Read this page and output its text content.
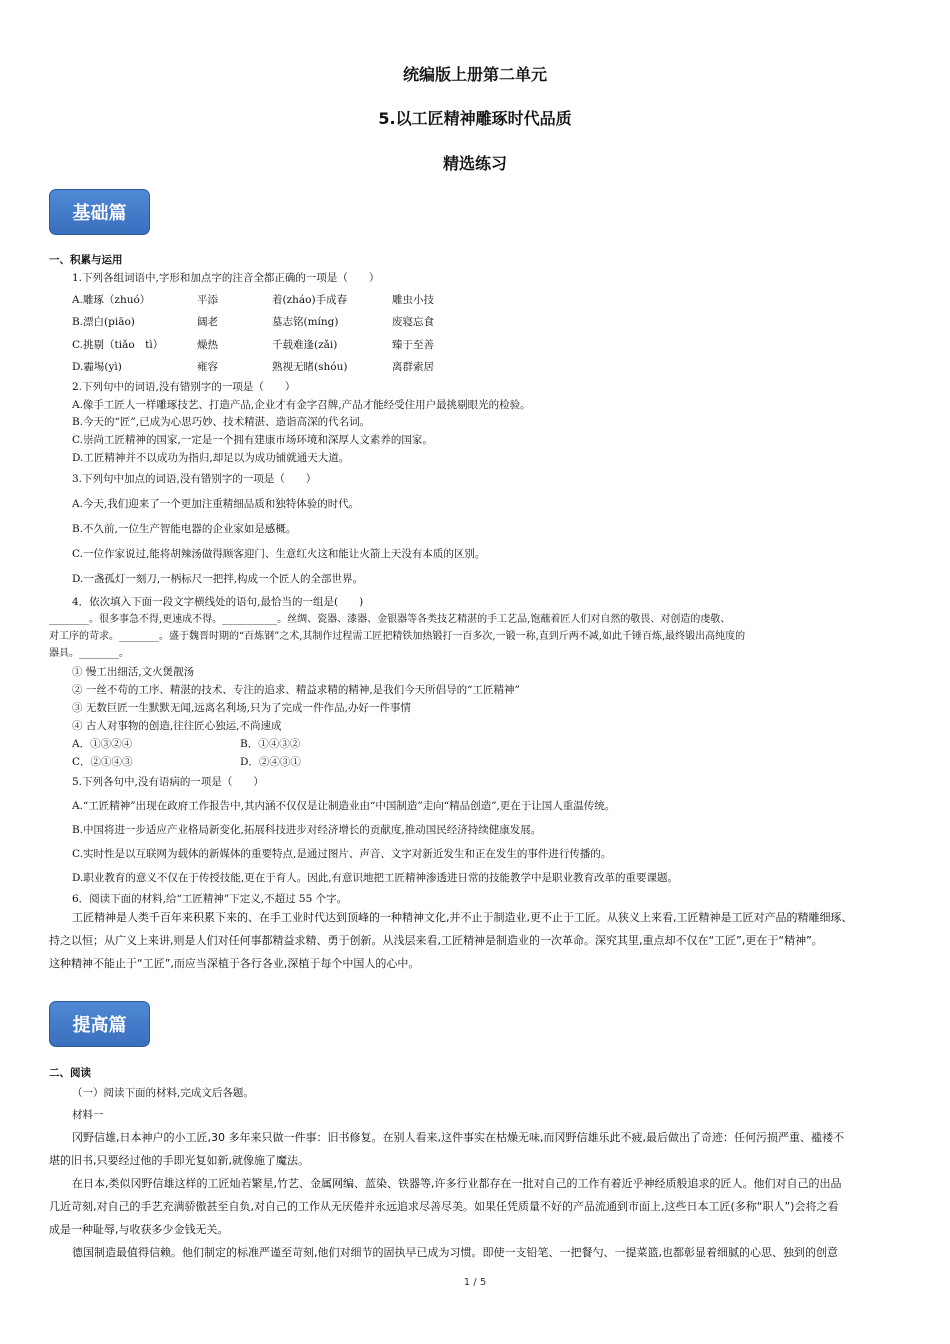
统编版上册第二单元
5.以工匠精神雕琢时代品质
精选练习
基础篇
一、积累与运用
1.下列各组词语中,字形和加点字的注音全都正确的一项是（　　）
A.雕琢（zhuó）	平添	着(zháo)手成春	雕虫小技
B.漂白(piāo)	阔老	墓志铭(míng)	废寝忘食
C.挑剔（tiǎo　tì）	燥热	千载难逢(zǎi)	臻于至善
D.霾埸(yì)	雍容	熟视无睹(shóu)	离群索居
2.下列句中的词语,没有错别字的一项是（　　）
A.像手工匠人一样雕琢技艺、打造产品,企业才有金字召牌,产品才能经受住用户最挑剔眼光的检验。
B.今天的“匠”,已成为心思巧妙、技术精湛、造诣高深的代名词。
C.崇尚工匠精神的国家,一定是一个拥有建康市场环境和深厚人文素养的国家。
D.工匠精神并不以成功为指归,却足以为成功铺就通天大道。
3.下列句中加点的词语,没有错别字的一项是（　　）
A.今天,我们迎来了一个更加注重精细品质和独特体验的时代。
B.不久前,一位生产智能电器的企业家如是感概。
C.一位作家说过,能将胡辣汤做得顾客迎门、生意红火这和能让火箭上天没有本质的区别。
D.一盏孤灯一刻刀,一柄标尺一把拌,构成一个匠人的全部世界。
4．依次填入下面一段文字横线处的语句,最恰当的一组是(　　)
________。很多事急不得,更速成不得。___________。丝绸、瓷器、漆器、金银器等各类技艺精湛的手工艺品,饱蘸着匠人们对自然的敬畏、对创造的虔敬、
对工序的苛求。________。盛于魏晋时期的“百炼钢”之术,其制作过程需工匠把精铁加热锻打一百多次,一锻一称,直到斤两不减,如此千锤百炼,最终锻出高纯度的
器具。________。
① 慢工出细活,文火煲靓汤
② 一丝不苟的工序、精湛的技术、专注的追求、精益求精的精神,是我们今天所倡导的“工匠精神”
③ 无数巨匠一生默默无闻,远离名利场,只为了完成一件作品,办好一件事情
④ 古人对事物的创造,往往匠心独运,不尚速成
A．①③②④	B．①④③②
C．②①④③	D．②④③①
5.下列各句中,没有语病的一项是（　　）
A.“工匠精神”出现在政府工作报告中,其内涵不仅仅是让制造业由“中国制造”走向“精品创造”,更在于让国人重温传统。
B.中国将进一步适应产业格局新变化,拓展科技进步对经济增长的贡献度,推动国民经济持续健康发展。
C.实时性是以互联网为载体的新媒体的重要特点,是通过图片、声音、文字对新近发生和正在发生的事件进行传播的。
D.职业教育的意义不仅在于传授技能,更在于育人。因此,有意识地把工匠精神渗透进日常的技能教学中是职业教育改革的重要课题。
6．阅读下面的材料,给“工匠精神”下定义,不超过 55 个字。
工匠精神是人类千百年来积累下来的、在手工业时代达到顶峰的一种精神文化,并不止于制造业,更不止于工匠。从狭义上来看,工匠精神是工匠对产品的精雕细琢、
持之以恒；从广义上来讲,则是人们对任何事都精益求精、勇于创新。从浅层来看,工匠精神是制造业的一次革命。深究其里,重点却不仅在“工匠”,更在于“精神”。
这种精神不能止于“工匠”,而应当深植于各行各业,深植于每个中国人的心中。
提高篇
二、阅读
（一）阅读下面的材料,完成文后各题。
材料一
冈野信雄,日本神户的小工匠,30 多年来只做一件事：旧书修复。在别人看来,这件事实在枯燥无味,而冈野信雄乐此不疲,最后做出了奇迹：任何污损严重、褴褛不
堪的旧书,只要经过他的手即光复如新,就像施了魔法。
在日本,类似冈野信雄这样的工匠灿若繁星,竹艺、金属网编、蓝染、铁器等,许多行业都存在一批对自己的工作有着近乎神经质般追求的匠人。他们对自己的出品
几近苛刻,对自己的手艺充满骄傲甚至自负,对自己的工作从无厌倦并永远追求尽善尽美。如果任凭质量不好的产品流通到市面上,这些日本工匠(多称“职人”)会将之看
成是一种耻辱,与收获多少金钱无关。
德国制造最值得信赖。他们制定的标准严谨至苛刻,他们对细节的固执早已成为习惯。即使一支铅笔、一把餐勺、一提菜篮,也都彰显着细腻的心思、独到的创意
1 / 5
